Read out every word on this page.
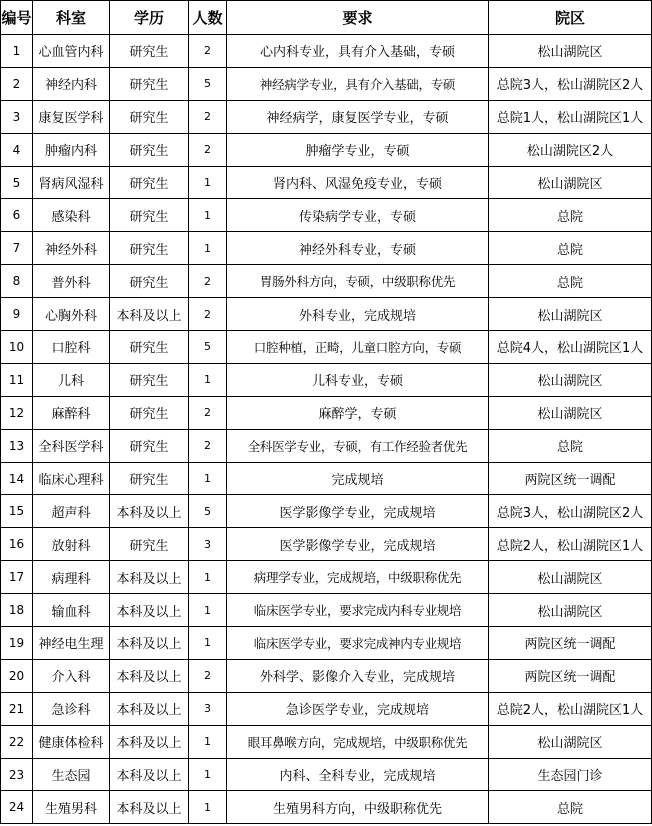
编号	科室	学历	人数	要求	院区
1	心血管内科	研究生	2	心内科专业，具有介入基础，专硕	松山湖院区
2	神经内科	研究生	5	神经病学专业，具有介入基础，专硕	总院3人，松山湖院区2人
3	康复医学科	研究生	2	神经病学，康复医学专业，专硕	总院1人，松山湖院区1人
4	肿瘤内科	研究生	2	肿瘤学专业，专硕	松山湖院区2人
5	肾病风湿科	研究生	1	肾内科、风湿免疫专业，专硕	松山湖院区
6	感染科	研究生	1	传染病学专业，专硕	总院
7	神经外科	研究生	1	神经外科专业，专硕	总院
8	普外科	研究生	2	胃肠外科方向，专硕，中级职称优先	总院
9	心胸外科	本科及以上	2	外科专业，完成规培	松山湖院区
10	口腔科	研究生	5	口腔种植，正畸，儿童口腔方向，专硕	总院4人，松山湖院区1人
11	儿科	研究生	1	儿科专业，专硕	松山湖院区
12	麻醉科	研究生	2	麻醉学，专硕	松山湖院区
13	全科医学科	研究生	2	全科医学专业，专硕，有工作经验者优先	总院
14	临床心理科	研究生	1	完成规培	两院区统一调配
15	超声科	本科及以上	5	医学影像学专业，完成规培	总院3人，松山湖院区2人
16	放射科	研究生	3	医学影像学专业，完成规培	总院2人，松山湖院区1人
17	病理科	本科及以上	1	病理学专业，完成规培，中级职称优先	松山湖院区
18	输血科	本科及以上	1	临床医学专业，要求完成内科专业规培	松山湖院区
19	神经电生理	本科及以上	1	临床医学专业，要求完成神内专业规培	两院区统一调配
20	介入科	本科及以上	2	外科学、影像介入专业，完成规培	两院区统一调配
21	急诊科	本科及以上	3	急诊医学专业，完成规培	总院2人，松山湖院区1人
22	健康体检科	本科及以上	1	眼耳鼻喉方向，完成规培，中级职称优先	松山湖院区
23	生态园	本科及以上	1	内科、全科专业，完成规培	生态园门诊
24	生殖男科	本科及以上	1	生殖男科方向，中级职称优先	总院
